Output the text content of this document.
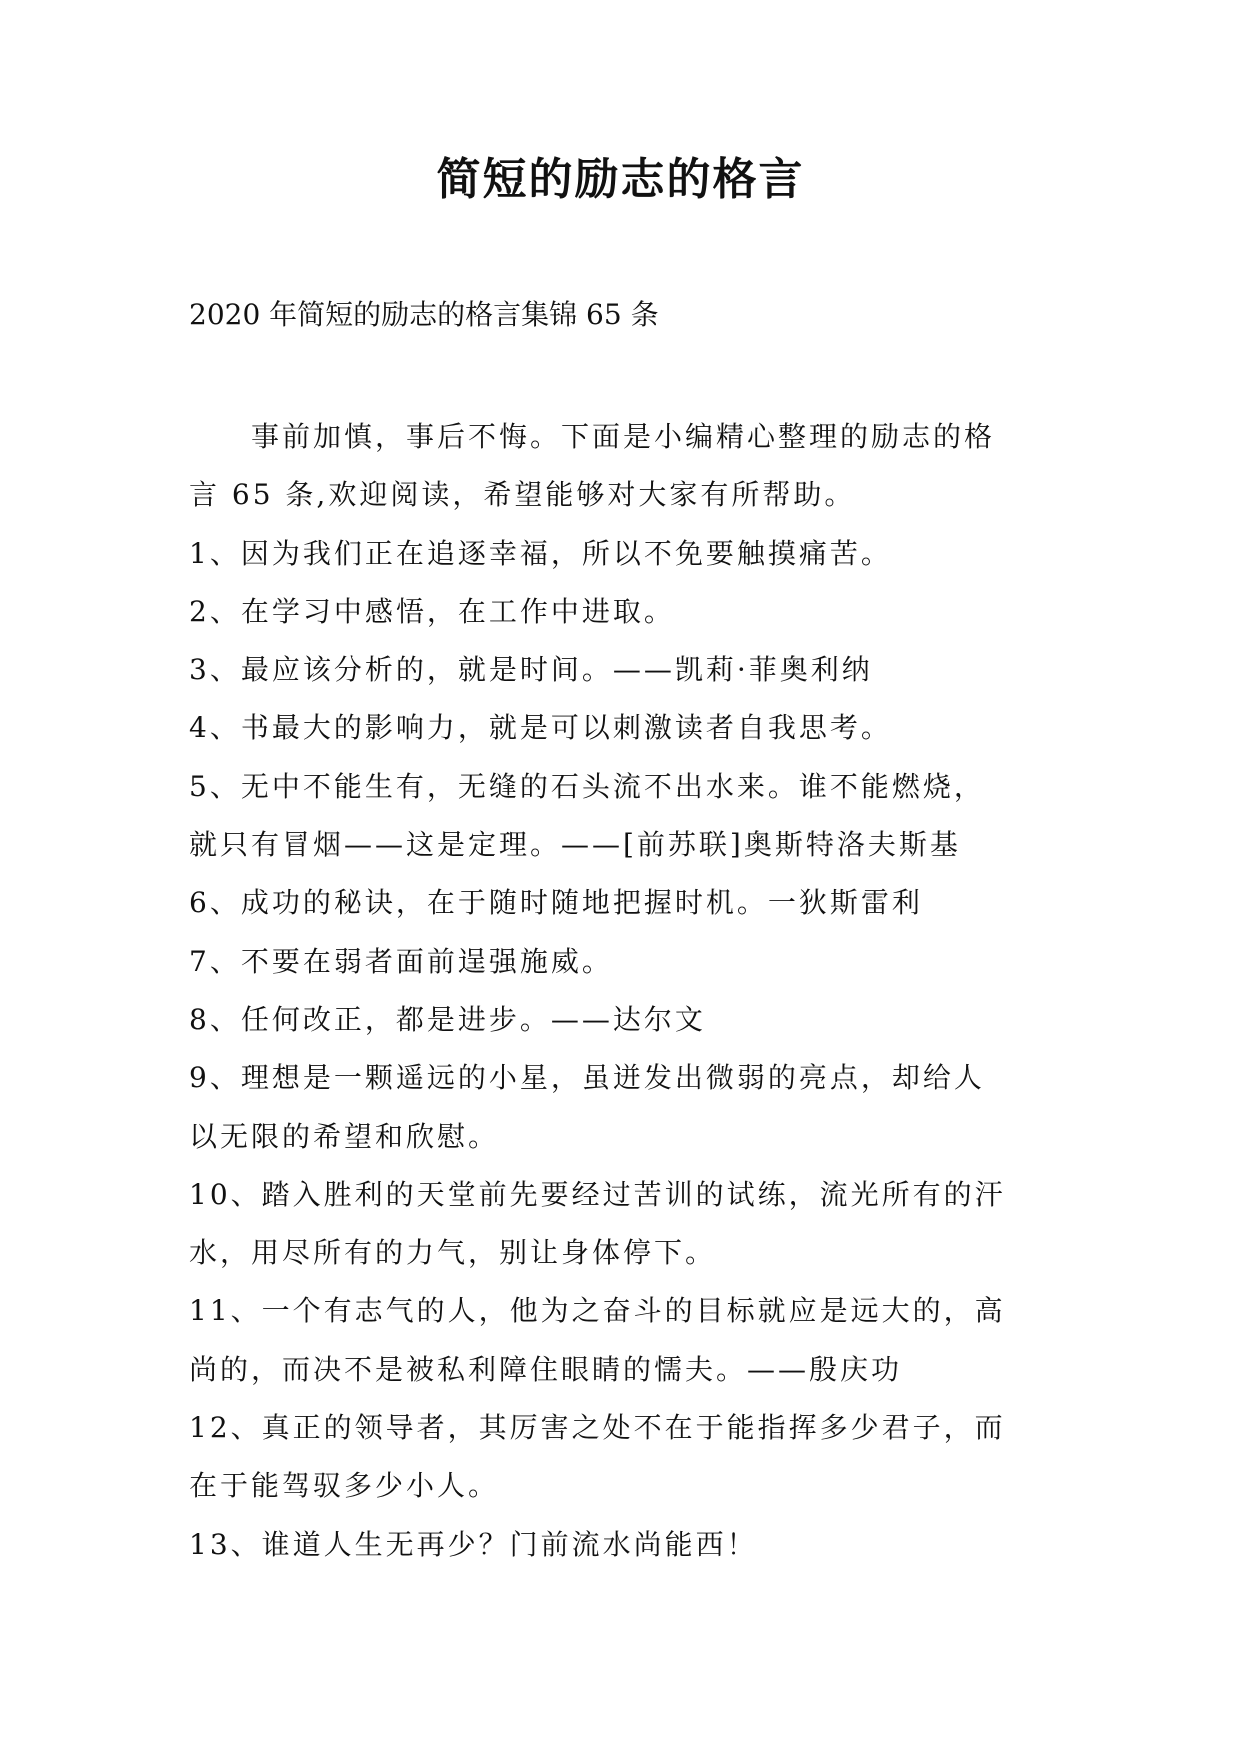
简短的励志的格言
2020 年简短的励志的格言集锦 65 条
事前加慎，事后不悔。下面是小编精心整理的励志的格
言 65 条,欢迎阅读，希望能够对大家有所帮助。
1、因为我们正在追逐幸福，所以不免要触摸痛苦。
2、在学习中感悟，在工作中进取。
3、最应该分析的，就是时间。——凯莉·菲奥利纳
4、书最大的影响力，就是可以刺激读者自我思考。
5、无中不能生有，无缝的石头流不出水来。谁不能燃烧，
就只有冒烟——这是定理。——[前苏联]奥斯特洛夫斯基
6、成功的秘诀，在于随时随地把握时机。一狄斯雷利
7、不要在弱者面前逞强施威。
8、任何改正，都是进步。——达尔文
9、理想是一颗遥远的小星，虽迸发出微弱的亮点，却给人
以无限的希望和欣慰。
10、踏入胜利的天堂前先要经过苦训的试练，流光所有的汗
水，用尽所有的力气，别让身体停下。
11、一个有志气的人，他为之奋斗的目标就应是远大的，高
尚的，而决不是被私利障住眼睛的懦夫。——殷庆功
12、真正的领导者，其厉害之处不在于能指挥多少君子，而
在于能驾驭多少小人。
13、谁道人生无再少？门前流水尚能西！
